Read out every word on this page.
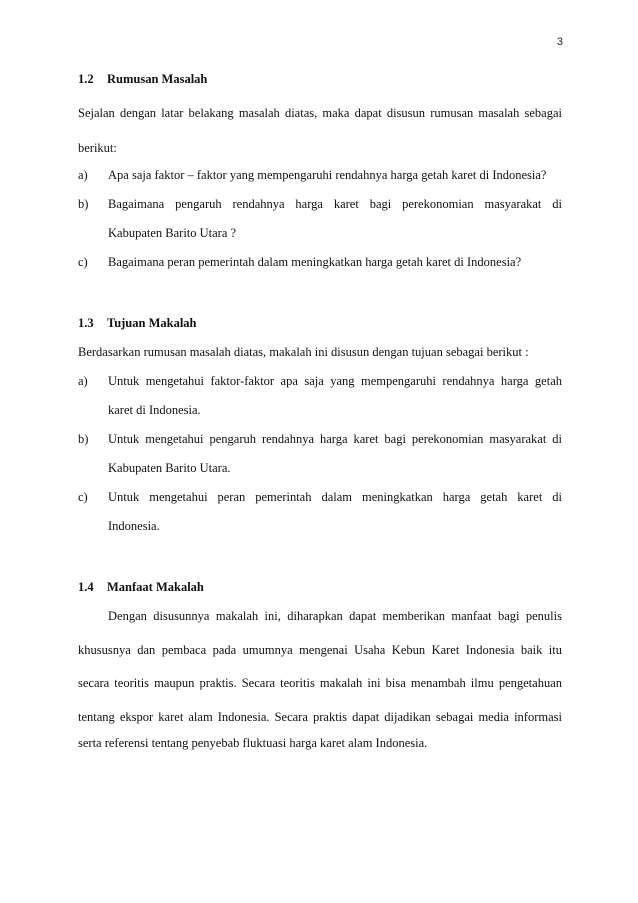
3
1.2 Rumusan Masalah
Sejalan dengan latar belakang masalah diatas, maka dapat disusun rumusan masalah sebagai
berikut:
a)	Apa saja faktor – faktor yang mempengaruhi rendahnya harga getah karet di Indonesia?
b)	Bagaimana pengaruh rendahnya harga karet bagi perekonomian masyarakat di
Kabupaten Barito Utara ?
c)	Bagaimana peran pemerintah dalam meningkatkan harga getah karet di Indonesia?
1.3 Tujuan Makalah
Berdasarkan rumusan masalah diatas, makalah ini disusun dengan tujuan sebagai berikut :
a)	Untuk mengetahui faktor-faktor apa saja yang mempengaruhi rendahnya harga getah
karet di Indonesia.
b)	Untuk mengetahui pengaruh rendahnya harga karet bagi perekonomian masyarakat di
Kabupaten Barito Utara.
c)	Untuk mengetahui peran pemerintah dalam meningkatkan harga getah karet di
Indonesia.
1.4 Manfaat Makalah
Dengan disusunnya makalah ini, diharapkan dapat memberikan manfaat bagi penulis
khususnya dan pembaca pada umumnya mengenai Usaha Kebun Karet Indonesia baik itu
secara teoritis maupun praktis. Secara teoritis makalah ini bisa menambah ilmu pengetahuan
tentang ekspor karet alam Indonesia. Secara praktis dapat dijadikan sebagai media informasi
serta referensi tentang penyebab fluktuasi harga karet alam Indonesia.
